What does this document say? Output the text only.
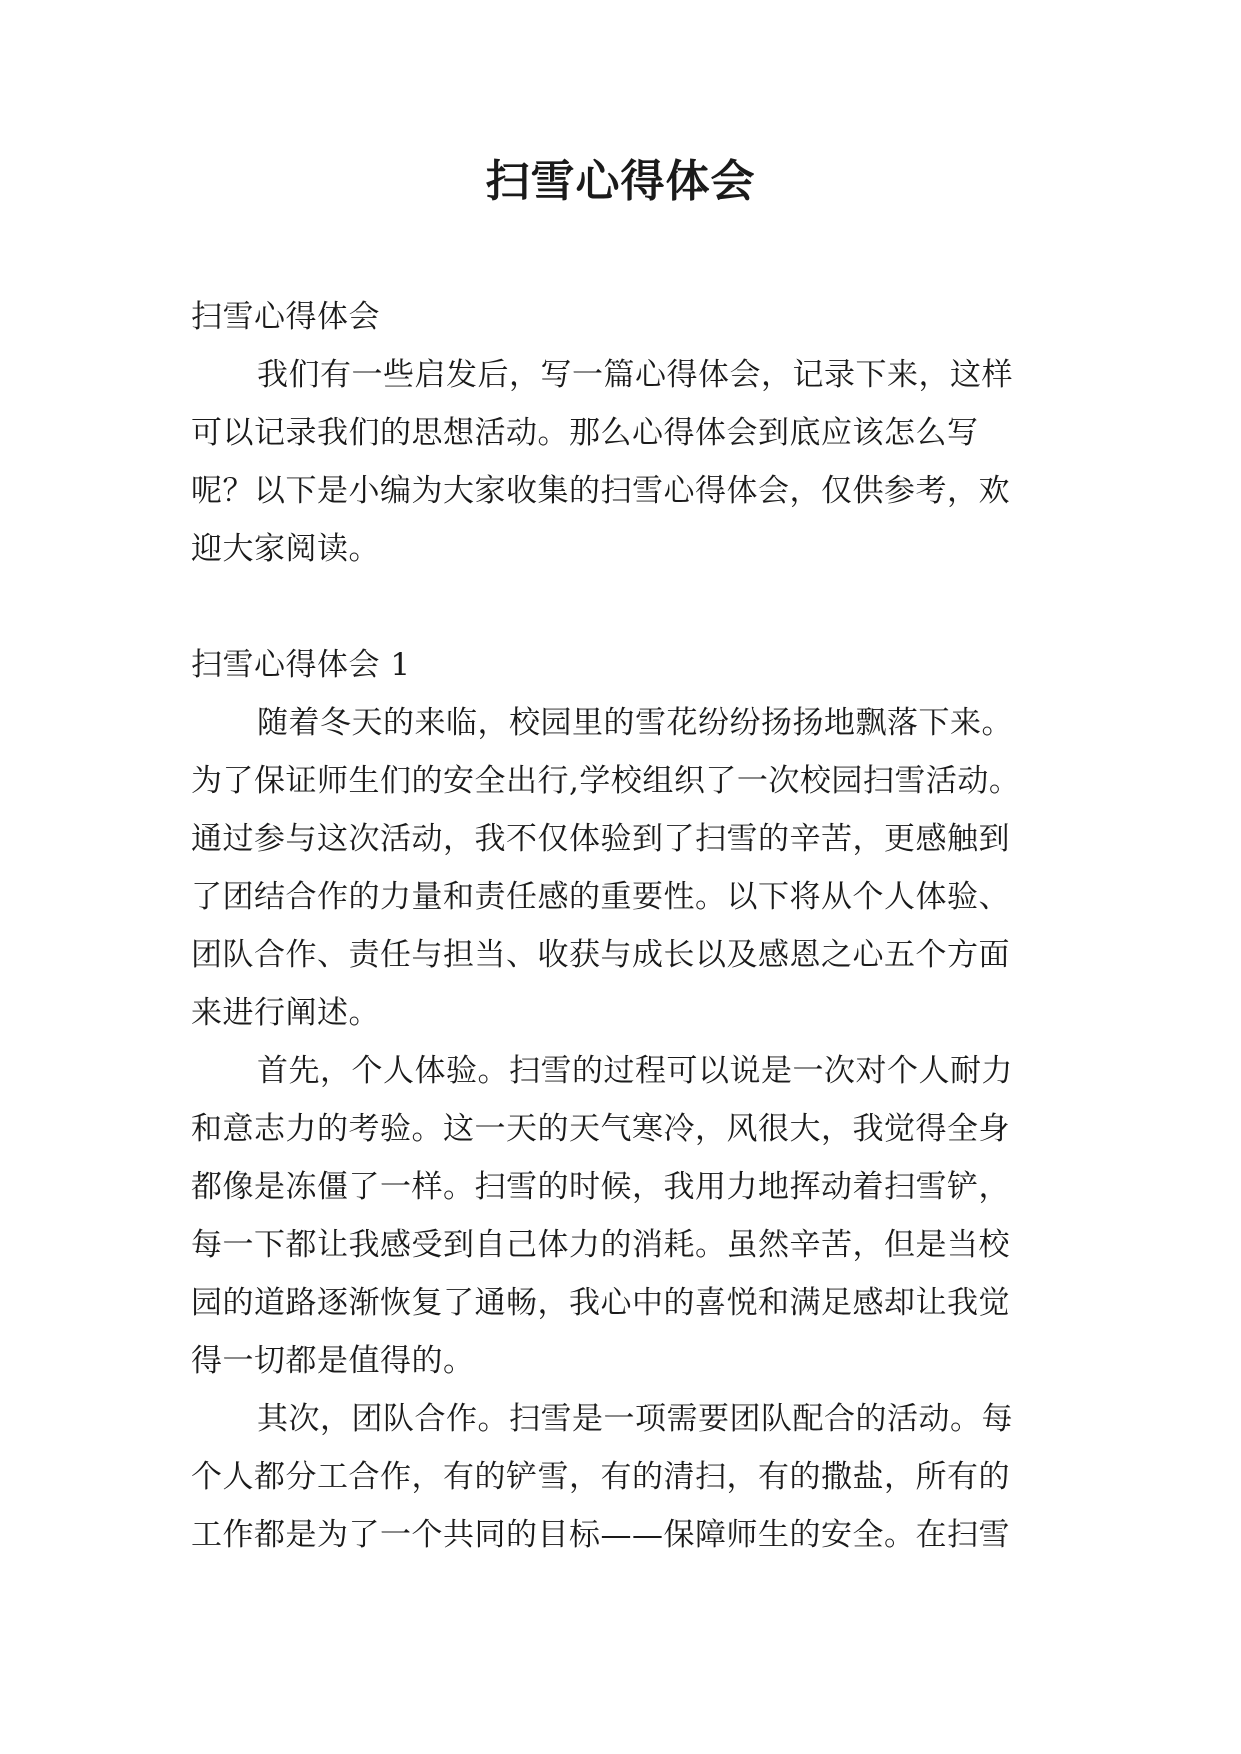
扫雪心得体会
扫雪心得体会
我们有一些启发后，写一篇心得体会，记录下来，这样
可以记录我们的思想活动。那么心得体会到底应该怎么写
呢？以下是小编为大家收集的扫雪心得体会，仅供参考，欢
迎大家阅读。
扫雪心得体会 1
随着冬天的来临，校园里的雪花纷纷扬扬地飘落下来。
为了保证师生们的安全出行,学校组织了一次校园扫雪活动。
通过参与这次活动，我不仅体验到了扫雪的辛苦，更感触到
了团结合作的力量和责任感的重要性。以下将从个人体验、
团队合作、责任与担当、收获与成长以及感恩之心五个方面
来进行阐述。
首先，个人体验。扫雪的过程可以说是一次对个人耐力
和意志力的考验。这一天的天气寒冷，风很大，我觉得全身
都像是冻僵了一样。扫雪的时候，我用力地挥动着扫雪铲，
每一下都让我感受到自己体力的消耗。虽然辛苦，但是当校
园的道路逐渐恢复了通畅，我心中的喜悦和满足感却让我觉
得一切都是值得的。
其次，团队合作。扫雪是一项需要团队配合的活动。每
个人都分工合作，有的铲雪，有的清扫，有的撒盐，所有的
工作都是为了一个共同的目标——保障师生的安全。在扫雪
